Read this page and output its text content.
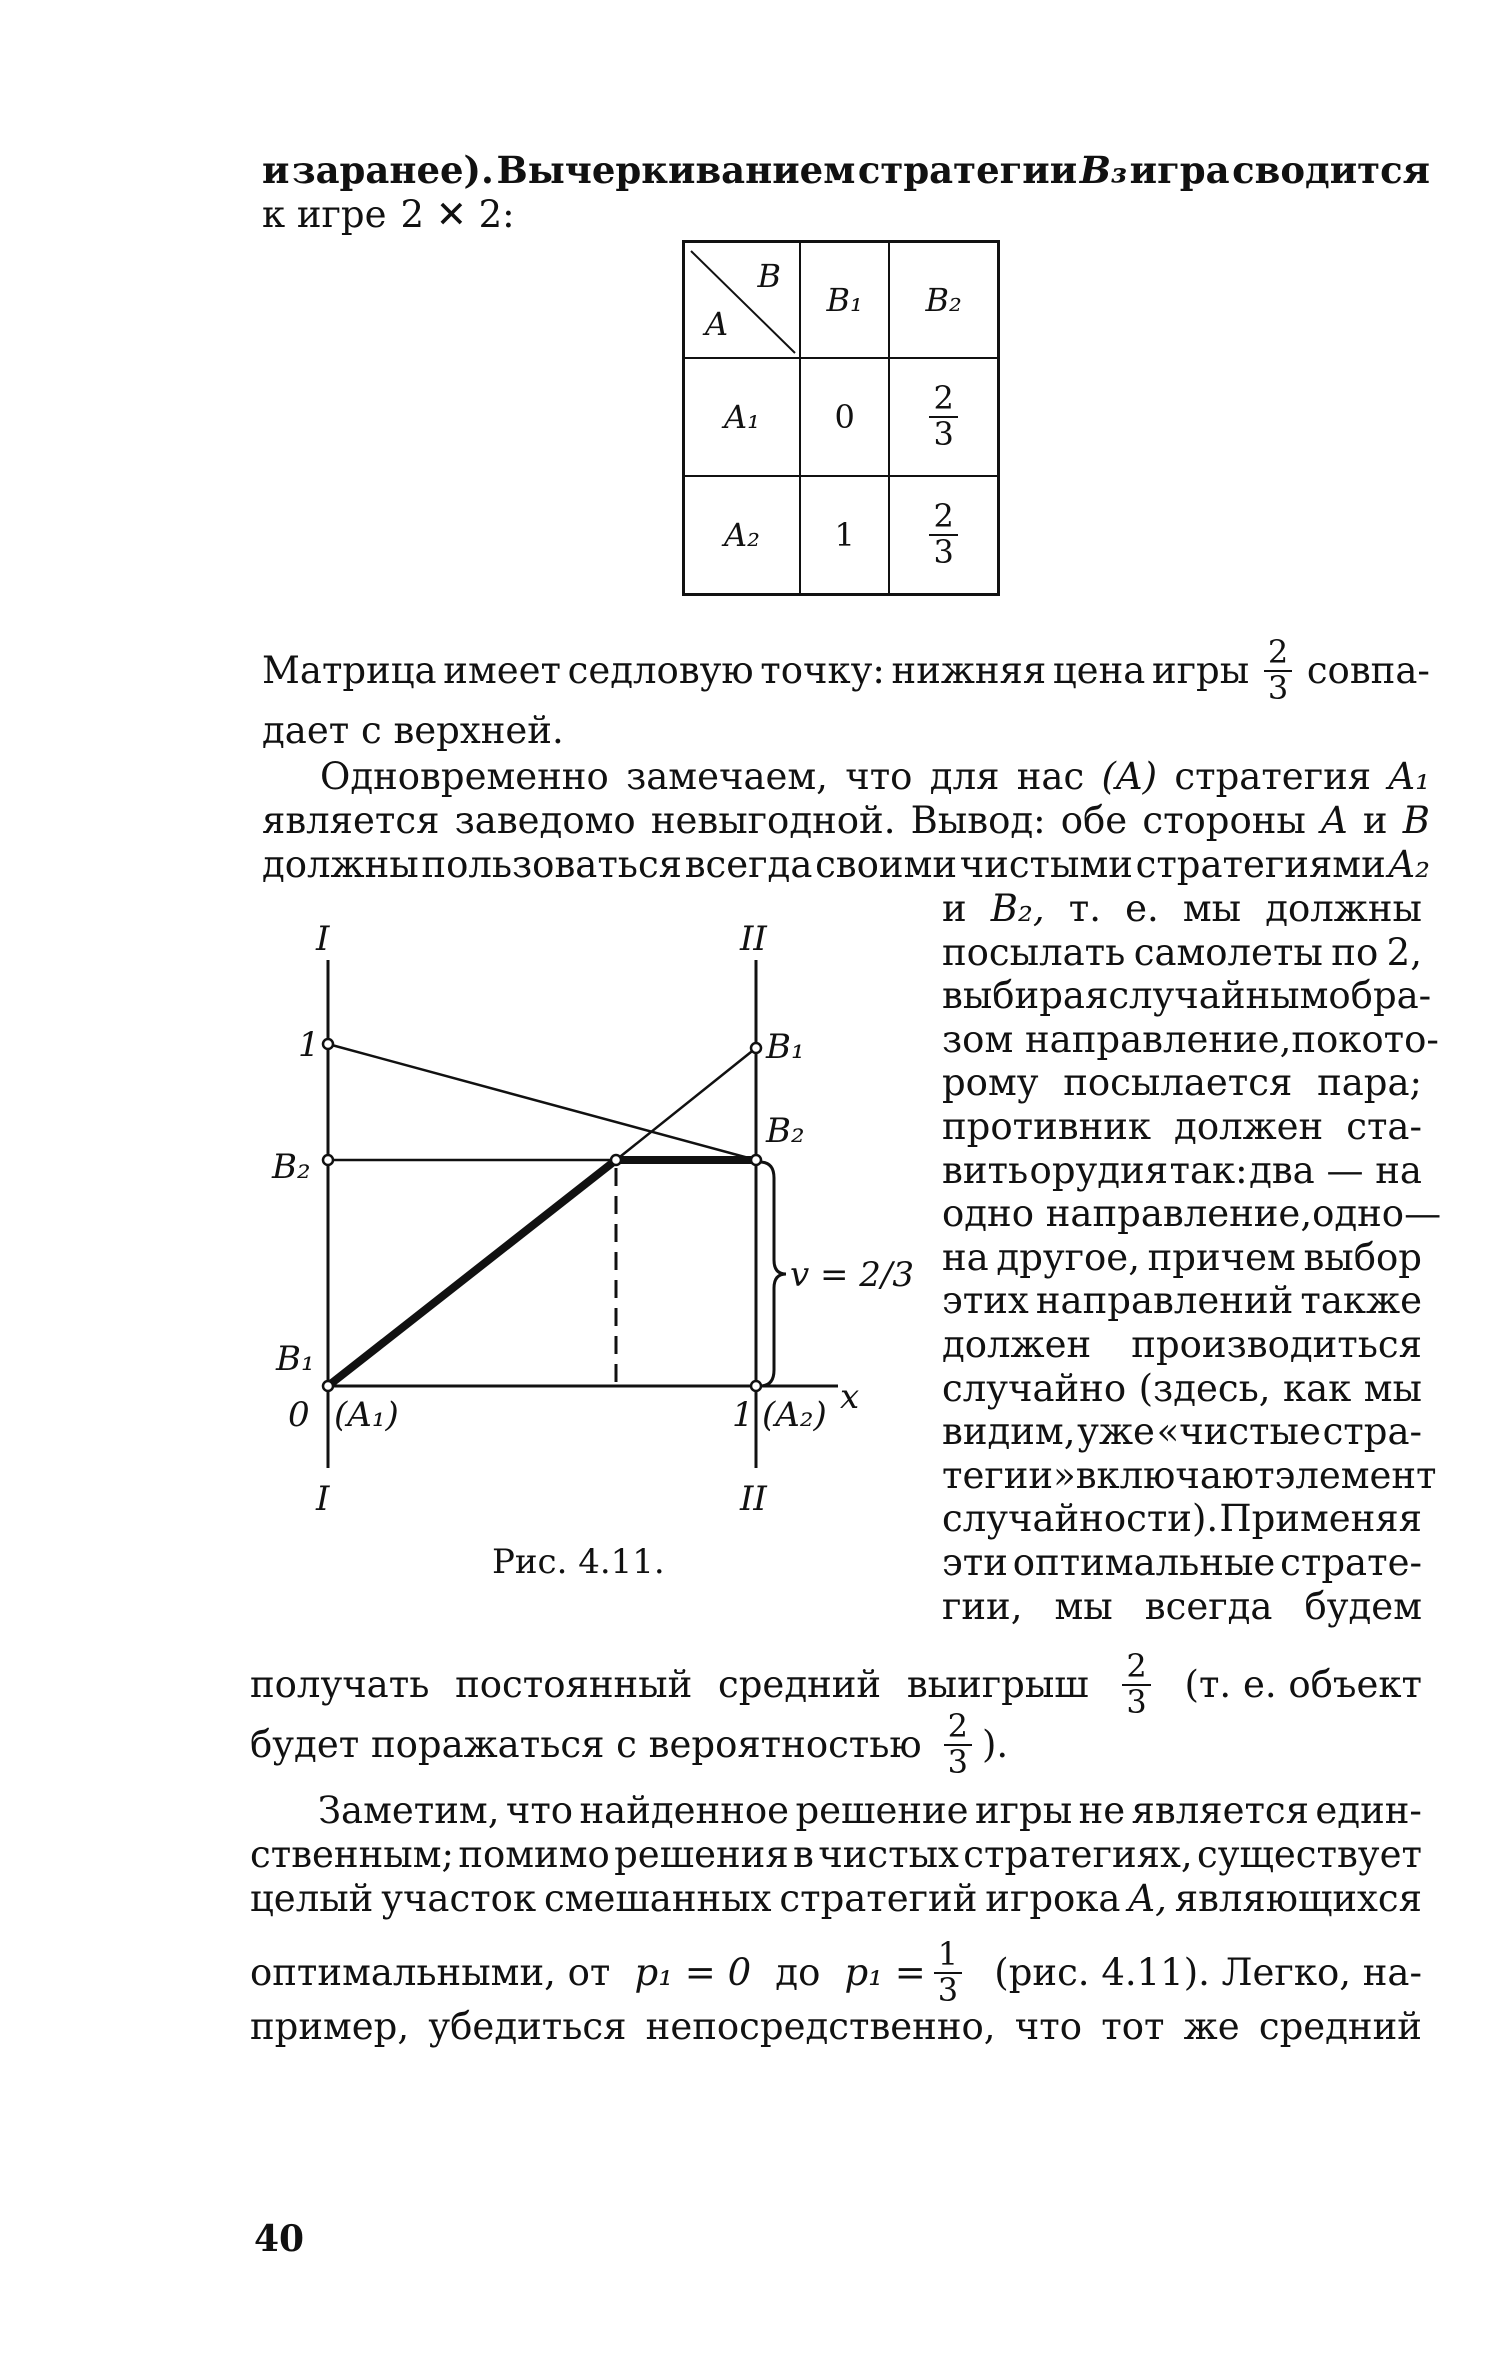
и заранее). Вычеркиванием стратегии B₃ игра сводится
к игре 2 ✕ 2:
B
A	B₁	B₂
A₁	0	$\frac{2}{3}$

A₂	1	$\frac{2}{3}$
Матрица имеет седловую точку: нижняя цена игры $\frac{2}{3}$ совпа-
дает с верхней.
Одновременно замечаем, что для нас (A) стратегия A₁
является заведомо невыгодной. Вывод: обе стороны A и B
должны пользоваться всегда своими чистыми стратегиями A₂
и B₂, т. е. мы должны
посылать самолеты по 2,
выбирая случайным обра-
зом направление, по кото-
рому посылается пара;
противник должен ста-
вить орудия так: два — на
одно направление, одно—
на другое, причем выбор
этих направлений также
должен производиться
случайно (здесь, как мы
видим, уже «чистые стра-
тегии» включают элемент
случайности). Применяя
эти оптимальные страте-
гии, мы всегда будем
I	II
I	II
1	B₁
B₂
B₂
B₁
0 (A₁)	1 (A₂) x
v = 2/3
Рис. 4.11.
получать постоянный средний выигрыш $\frac{2}{3} (т$. е. объект
будет поражаться с вероятностью $\frac{2}{3}$ ).
Заметим, что найденное решение игры не является един-
ственным; помимо решения в чистых стратегиях, существует
целый участок смешанных стратегий игрока A, являющихся
оптимальными, от p₁ = 0 до $p_1 = \frac{1}{3} (рис$. 4.11). Легко, на-
пример, убедиться непосредственно, что тот же средний
40
